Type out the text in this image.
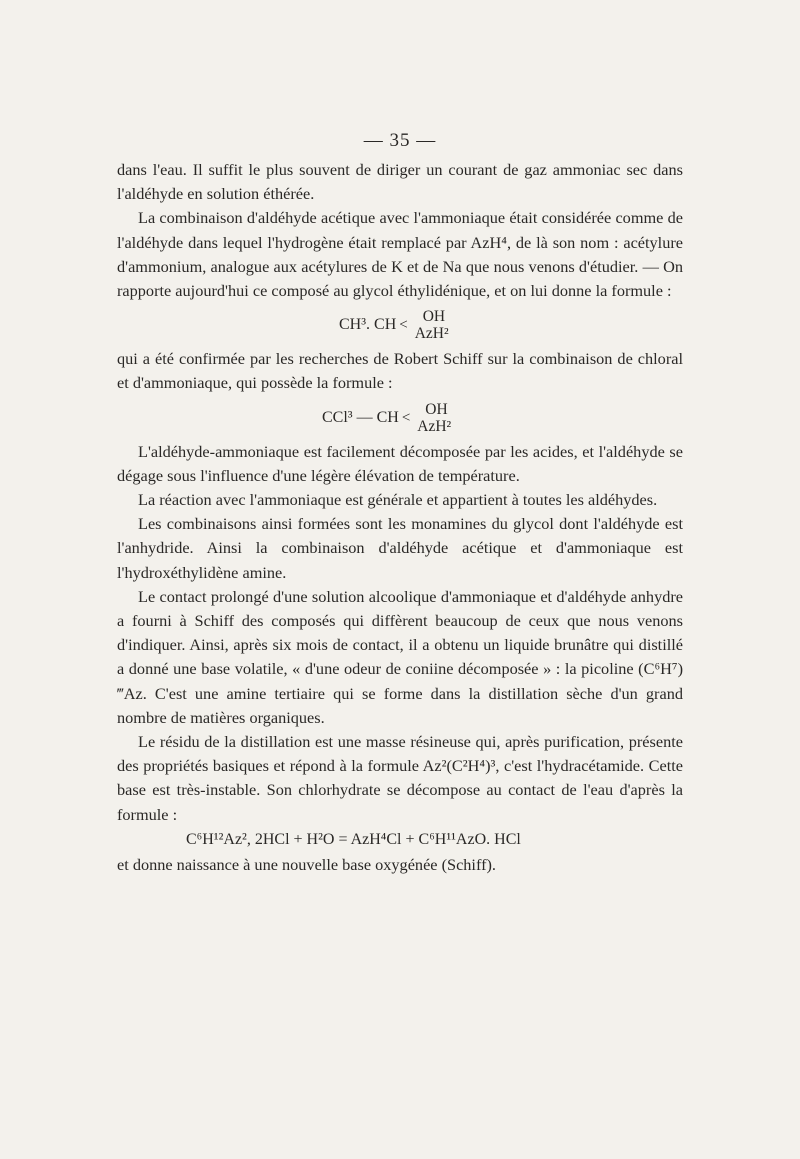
— 35 —

dans l'eau. Il suffit le plus souvent de diriger un courant de gaz ammoniac sec dans l'aldéhyde en solution éthérée.

La combinaison d'aldéhyde acétique avec l'ammoniaque était considérée comme de l'aldéhyde dans lequel l'hydrogène était remplacé par AzH⁴, de là son nom : acétylure d'ammonium, analogue aux acétylures de K et de Na que nous venons d'étudier. — On rapporte aujourd'hui ce composé au glycol éthylidénique, et on lui donne la formule :

CH³. CH < OH
AzH²

qui a été confirmée par les recherches de Robert Schiff sur la combinaison de chloral et d'ammoniaque, qui possède la formule :

CCl³ — CH < OH
AzH²

L'aldéhyde-ammoniaque est facilement décomposée par les acides, et l'aldéhyde se dégage sous l'influence d'une légère élévation de température.

La réaction avec l'ammoniaque est générale et appartient à toutes les aldéhydes.

Les combinaisons ainsi formées sont les monamines du glycol dont l'aldéhyde est l'anhydride. Ainsi la combinaison d'aldéhyde acétique et d'ammoniaque est l'hydroxéthylidène amine.

Le contact prolongé d'une solution alcoolique d'ammoniaque et d'aldéhyde anhydre a fourni à Schiff des composés qui diffèrent beaucoup de ceux que nous venons d'indiquer. Ainsi, après six mois de contact, il a obtenu un liquide brunâtre qui distillé a donné une base volatile, « d'une odeur de coniine décomposée » : la picoline (C⁶H⁷)‴Az. C'est une amine tertiaire qui se forme dans la distillation sèche d'un grand nombre de matières organiques.

Le résidu de la distillation est une masse résineuse qui, après purification, présente des propriétés basiques et répond à la formule Az²(C²H⁴)³, c'est l'hydracétamide. Cette base est très-instable. Son chlorhydrate se décompose au contact de l'eau d'après la formule :

C⁶H¹²Az², 2HCl + H²O = AzH⁴Cl + C⁶H¹¹AzO. HCl

et donne naissance à une nouvelle base oxygénée (Schiff).
